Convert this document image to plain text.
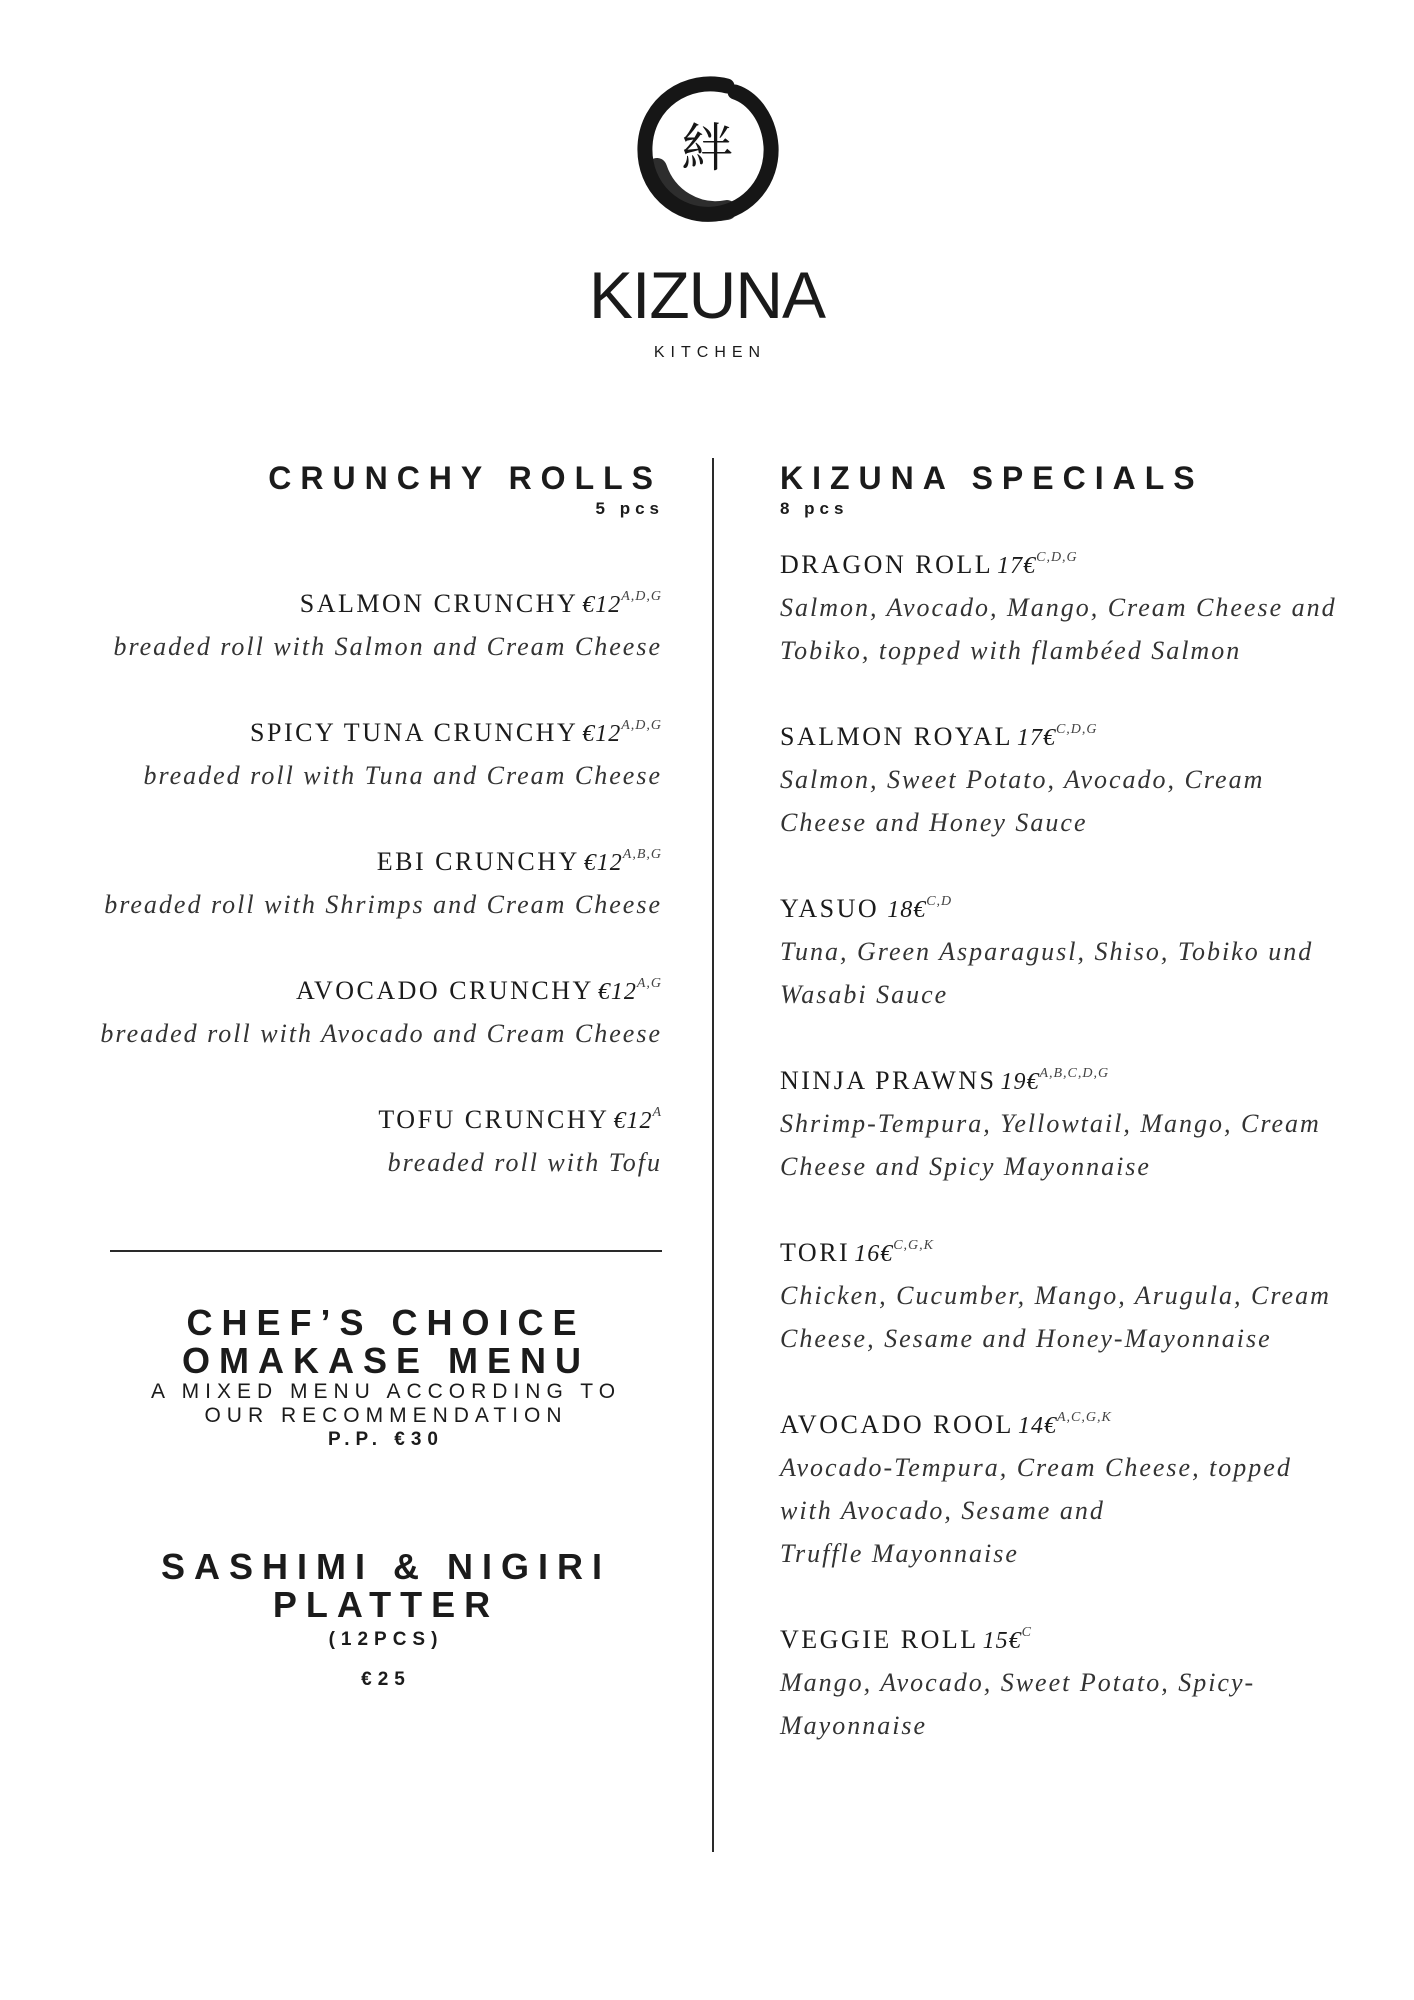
絆
KIZUNA
KITCHEN
CRUNCHY ROLLS
5 pcs
SALMON CRUNCHY €12A,D,G
breaded roll with Salmon and Cream Cheese
SPICY TUNA CRUNCHY €12A,D,G
breaded roll with Tuna and Cream Cheese
EBI CRUNCHY €12A,B,G
breaded roll with Shrimps and Cream Cheese
AVOCADO CRUNCHY €12A,G
breaded roll with Avocado and Cream Cheese
TOFU CRUNCHY €12A
breaded roll with Tofu
CHEF’S CHOICE
OMAKASE MENU
A MIXED MENU ACCORDING TO
OUR RECOMMENDATION
P.P. €30
SASHIMI & NIGIRI
PLATTER
(12PCS)
€25
KIZUNA SPECIALS
8 pcs
DRAGON ROLL 17€C,D,G
Salmon, Avocado, Mango, Cream Cheese and
Tobiko, topped with flambéed Salmon
SALMON ROYAL 17€C,D,G
Salmon, Sweet Potato, Avocado, Cream
Cheese and Honey Sauce
YASUO 18€C,D
Tuna, Green Asparagusl, Shiso, Tobiko und
Wasabi Sauce
NINJA PRAWNS 19€A,B,C,D,G
Shrimp-Tempura, Yellowtail, Mango, Cream
Cheese and Spicy Mayonnaise
TORI 16€C,G,K
Chicken, Cucumber, Mango, Arugula, Cream
Cheese, Sesame and Honey-Mayonnaise
AVOCADO ROOL 14€A,C,G,K
Avocado-Tempura, Cream Cheese, topped
with Avocado, Sesame and
Truffle Mayonnaise
VEGGIE ROLL 15€C
Mango, Avocado, Sweet Potato, Spicy-
Mayonnaise
